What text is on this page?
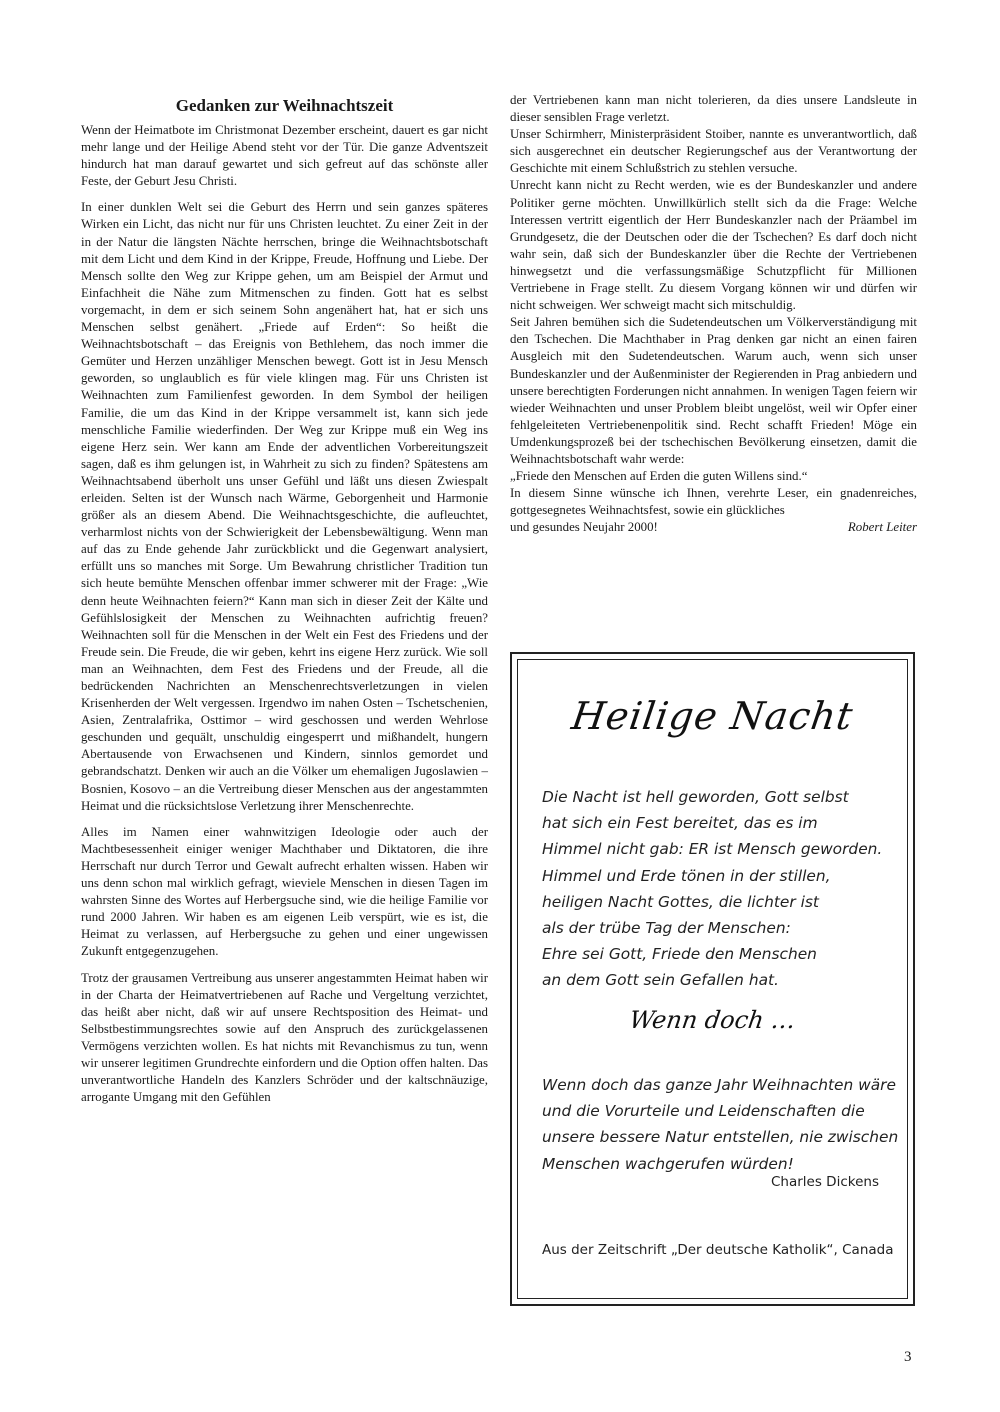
Gedanken zur Weihnachtszeit

Wenn der Heimatbote im Christmonat Dezember erscheint, dauert es gar nicht mehr lange und der Heilige Abend steht vor der Tür. Die ganze Adventszeit hindurch hat man darauf gewartet und sich gefreut auf das schönste aller Feste, der Geburt Jesu Christi.

In einer dunklen Welt sei die Geburt des Herrn und sein ganzes späteres Wirken ein Licht, das nicht nur für uns Christen leuchtet. Zu einer Zeit in der in der Natur die längsten Nächte herrschen, bringe die Weihnachtsbotschaft mit dem Licht und dem Kind in der Krippe, Freude, Hoffnung und Liebe. Der Mensch sollte den Weg zur Krippe gehen, um am Beispiel der Armut und Einfachheit die Nähe zum Mitmenschen zu finden. Gott hat es selbst vorgemacht, in dem er sich seinem Sohn angenähert hat, hat er sich uns Menschen selbst genähert. „Friede auf Erden“: So heißt die Weihnachtsbotschaft – das Ereignis von Bethlehem, das noch immer die Gemüter und Herzen unzähliger Menschen bewegt. Gott ist in Jesu Mensch geworden, so unglaublich es für viele klingen mag. Für uns Christen ist Weihnachten zum Familienfest geworden. In dem Symbol der heiligen Familie, die um das Kind in der Krippe versammelt ist, kann sich jede menschliche Familie wiederfinden. Der Weg zur Krippe muß ein Weg ins eigene Herz sein. Wer kann am Ende der adventlichen Vorbereitungszeit sagen, daß es ihm gelungen ist, in Wahrheit zu sich zu finden? Spätestens am Weihnachtsabend überholt uns unser Gefühl und läßt uns diesen Zwiespalt erleiden. Selten ist der Wunsch nach Wärme, Geborgenheit und Harmonie größer als an diesem Abend. Die Weihnachtsgeschichte, die aufleuchtet, verharmlost nichts von der Schwierigkeit der Lebensbewältigung. Wenn man auf das zu Ende gehende Jahr zurückblickt und die Gegenwart analysiert, erfüllt uns so manches mit Sorge. Um Bewahrung christlicher Tradition tun sich heute bemühte Menschen offenbar immer schwerer mit der Frage: „Wie denn heute Weihnachten feiern?“ Kann man sich in dieser Zeit der Kälte und Gefühlslosigkeit der Menschen zu Weihnachten aufrichtig freuen? Weihnachten soll für die Menschen in der Welt ein Fest des Friedens und der Freude sein. Die Freude, die wir geben, kehrt ins eigene Herz zurück. Wie soll man an Weihnachten, dem Fest des Friedens und der Freude, all die bedrückenden Nachrichten an Menschenrechtsverletzungen in vielen Krisenherden der Welt vergessen. Irgendwo im nahen Osten – Tschetschenien, Asien, Zentralafrika, Osttimor – wird geschossen und werden Wehrlose geschunden und gequält, unschuldig eingesperrt und mißhandelt, hungern Abertausende von Erwachsenen und Kindern, sinnlos gemordet und gebrandschatzt. Denken wir auch an die Völker um ehemaligen Jugoslawien – Bosnien, Kosovo – an die Vertreibung dieser Menschen aus der angestammten Heimat und die rücksichtslose Verletzung ihrer Menschenrechte.

Alles im Namen einer wahnwitzigen Ideologie oder auch der Machtbesessenheit einiger weniger Machthaber und Diktatoren, die ihre Herrschaft nur durch Terror und Gewalt aufrecht erhalten wissen. Haben wir uns denn schon mal wirklich gefragt, wieviele Menschen in diesen Tagen im wahrsten Sinne des Wortes auf Herbergsuche sind, wie die heilige Familie vor rund 2000 Jahren. Wir haben es am eigenen Leib verspürt, wie es ist, die Heimat zu verlassen, auf Herbergsuche zu gehen und einer ungewissen Zukunft entgegenzugehen.

Trotz der grausamen Vertreibung aus unserer angestammten Heimat haben wir in der Charta der Heimatvertriebenen auf Rache und Vergeltung verzichtet, das heißt aber nicht, daß wir auf unsere Rechtsposition des Heimat- und Selbstbestimmungsrechtes sowie auf den Anspruch des zurückgelassenen Vermögens verzichten wollen. Es hat nichts mit Revanchismus zu tun, wenn wir unserer legitimen Grundrechte einfordern und die Option offen halten. Das unverantwortliche Handeln des Kanzlers Schröder und der kaltschnäuzige, arrogante Umgang mit den Gefühlen

der Vertriebenen kann man nicht tolerieren, da dies unsere Landsleute in dieser sensiblen Frage verletzt.

Unser Schirmherr, Ministerpräsident Stoiber, nannte es unverantwortlich, daß sich ausgerechnet ein deutscher Regierungschef aus der Verantwortung der Geschichte mit einem Schlußstrich zu stehlen versuche.

Unrecht kann nicht zu Recht werden, wie es der Bundeskanzler und andere Politiker gerne möchten. Unwillkürlich stellt sich da die Frage: Welche Interessen vertritt eigentlich der Herr Bundeskanzler nach der Präambel im Grundgesetz, die der Deutschen oder die der Tschechen? Es darf doch nicht wahr sein, daß sich der Bundeskanzler über die Rechte der Vertriebenen hinwegsetzt und die verfassungsmäßige Schutzpflicht für Millionen Vertriebene in Frage stellt. Zu diesem Vorgang können wir und dürfen wir nicht schweigen. Wer schweigt macht sich mitschuldig.

Seit Jahren bemühen sich die Sudetendeutschen um Völkerverständigung mit den Tschechen. Die Machthaber in Prag denken gar nicht an einen fairen Ausgleich mit den Sudetendeutschen. Warum auch, wenn sich unser Bundeskanzler und der Außenminister der Regierenden in Prag anbiedern und unsere berechtigten Forderungen nicht annahmen. In wenigen Tagen feiern wir wieder Weihnachten und unser Problem bleibt ungelöst, weil wir Opfer einer fehlgeleiteten Vertriebenenpolitik sind. Recht schafft Frieden! Möge ein Umdenkungsprozeß bei der tschechischen Bevölkerung einsetzen, damit die Weihnachtsbotschaft wahr werde:

„Friede den Menschen auf Erden die guten Willens sind.“

In diesem Sinne wünsche ich Ihnen, verehrte Leser, ein gnadenreiches, gottgesegnetes Weihnachtsfest, sowie ein glückliches

und gesundes Neujahr 2000!	Robert Leiter
Heilige Nacht
Die Nacht ist hell geworden, Gott selbst
hat sich ein Fest bereitet, das es im
Himmel nicht gab: ER ist Mensch geworden.
Himmel und Erde tönen in der stillen,
heiligen Nacht Gottes, die lichter ist
als der trübe Tag der Menschen:
Ehre sei Gott, Friede den Menschen
an dem Gott sein Gefallen hat.
Wenn doch …
Wenn doch das ganze Jahr Weihnachten wäre
und die Vorurteile und Leidenschaften die
unsere bessere Natur entstellen, nie zwischen
Menschen wachgerufen würden!
Charles Dickens
Aus der Zeitschrift „Der deutsche Katholik“, Canada
3
